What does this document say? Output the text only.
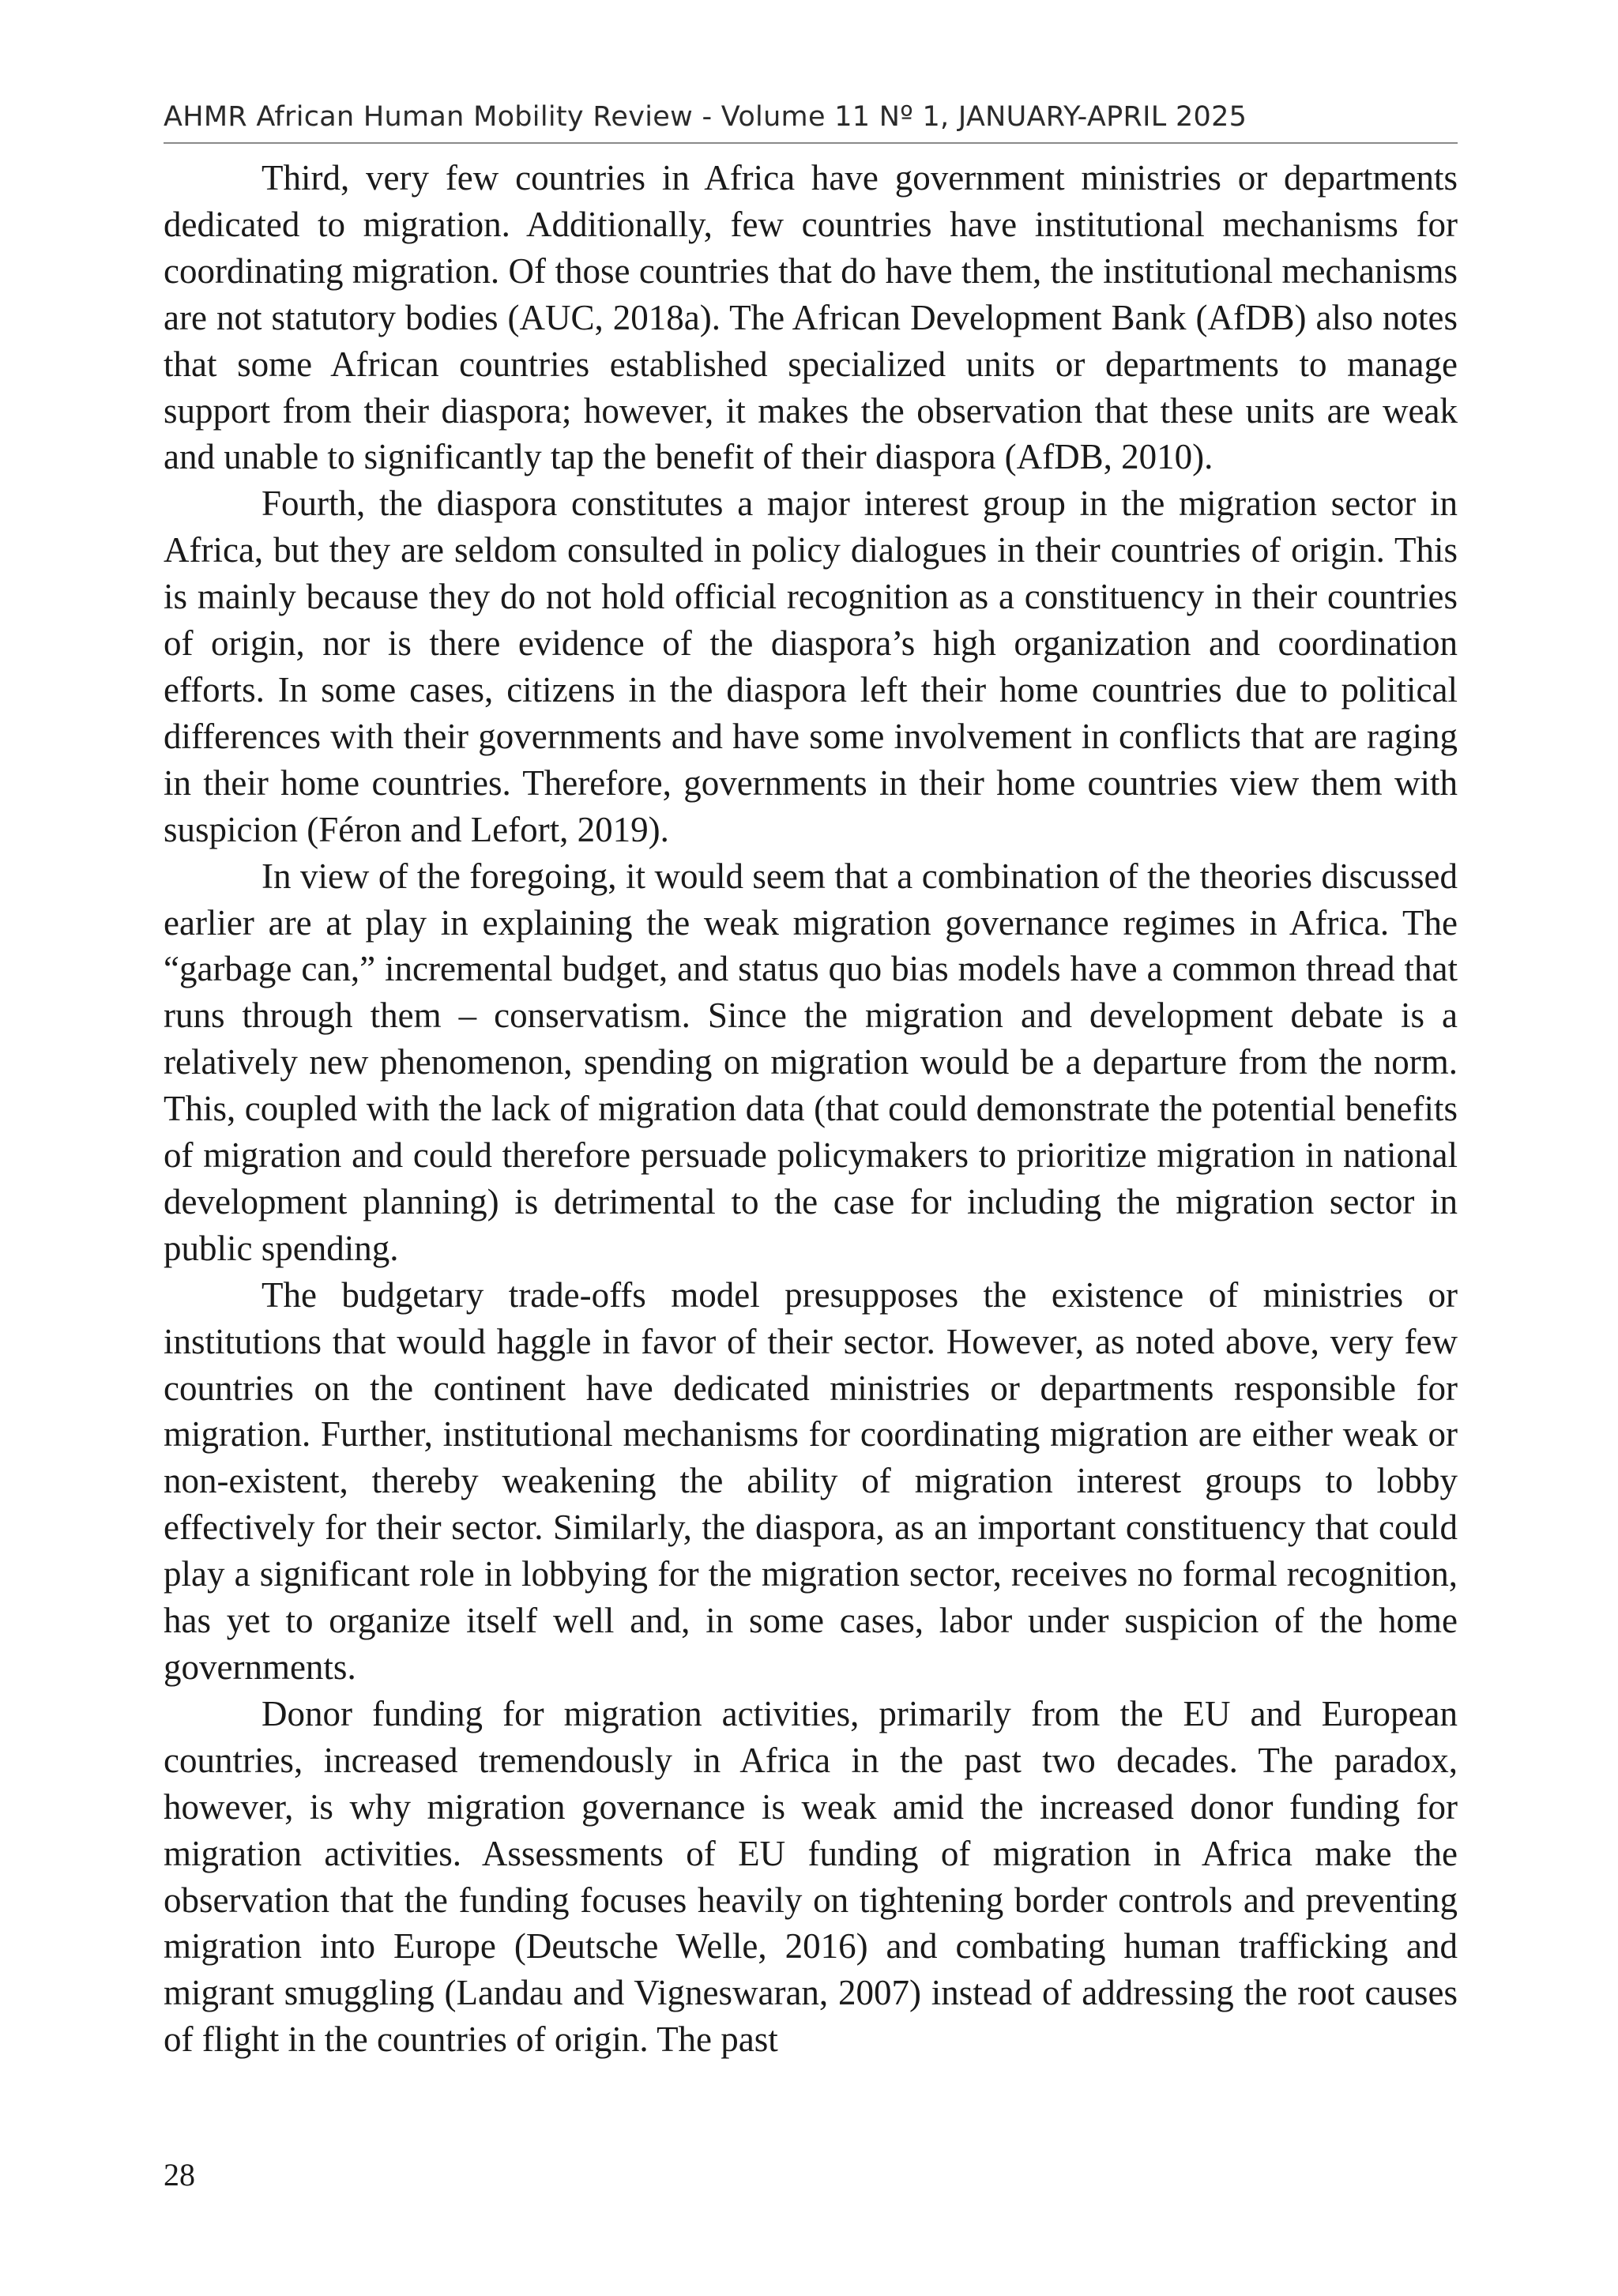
AHMR African Human Mobility Review - Volume 11 Nº 1, JANUARY-APRIL 2025

Third, very few countries in Africa have government ministries or departments dedicated to migration. Additionally, few countries have institutional mechanisms for coordinating migration. Of those countries that do have them, the institutional mechanisms are not statutory bodies (AUC, 2018a). The African Development Bank (AfDB) also notes that some African countries established specialized units or departments to manage support from their diaspora; however, it makes the observation that these units are weak and unable to significantly tap the benefit of their diaspora (AfDB, 2010).

Fourth, the diaspora constitutes a major interest group in the migration sector in Africa, but they are seldom consulted in policy dialogues in their countries of origin. This is mainly because they do not hold official recognition as a constituency in their countries of origin, nor is there evidence of the diaspora’s high organization and coordination efforts. In some cases, citizens in the diaspora left their home countries due to political differences with their governments and have some involvement in conflicts that are raging in their home countries. Therefore, governments in their home countries view them with suspicion (Féron and Lefort, 2019).

In view of the foregoing, it would seem that a combination of the theories discussed earlier are at play in explaining the weak migration governance regimes in Africa. The “garbage can,” incremental budget, and status quo bias models have a common thread that runs through them – conservatism. Since the migration and development debate is a relatively new phenomenon, spending on migration would be a departure from the norm. This, coupled with the lack of migration data (that could demonstrate the potential benefits of migration and could therefore persuade policymakers to prioritize migration in national development planning) is detrimental to the case for including the migration sector in public spending.

The budgetary trade-offs model presupposes the existence of ministries or institutions that would haggle in favor of their sector. However, as noted above, very few countries on the continent have dedicated ministries or departments responsible for migration. Further, institutional mechanisms for coordinating migration are either weak or non-existent, thereby weakening the ability of migration interest groups to lobby effectively for their sector. Similarly, the diaspora, as an important constituency that could play a significant role in lobbying for the migration sector, receives no formal recognition, has yet to organize itself well and, in some cases, labor under suspicion of the home governments.

Donor funding for migration activities, primarily from the EU and European countries, increased tremendously in Africa in the past two decades. The paradox, however, is why migration governance is weak amid the increased donor funding for migration activities. Assessments of EU funding of migration in Africa make the observation that the funding focuses heavily on tightening border controls and preventing migration into Europe (Deutsche Welle, 2016) and combating human trafficking and migrant smuggling (Landau and Vigneswaran, 2007) instead of addressing the root causes of flight in the countries of origin. The past

28
